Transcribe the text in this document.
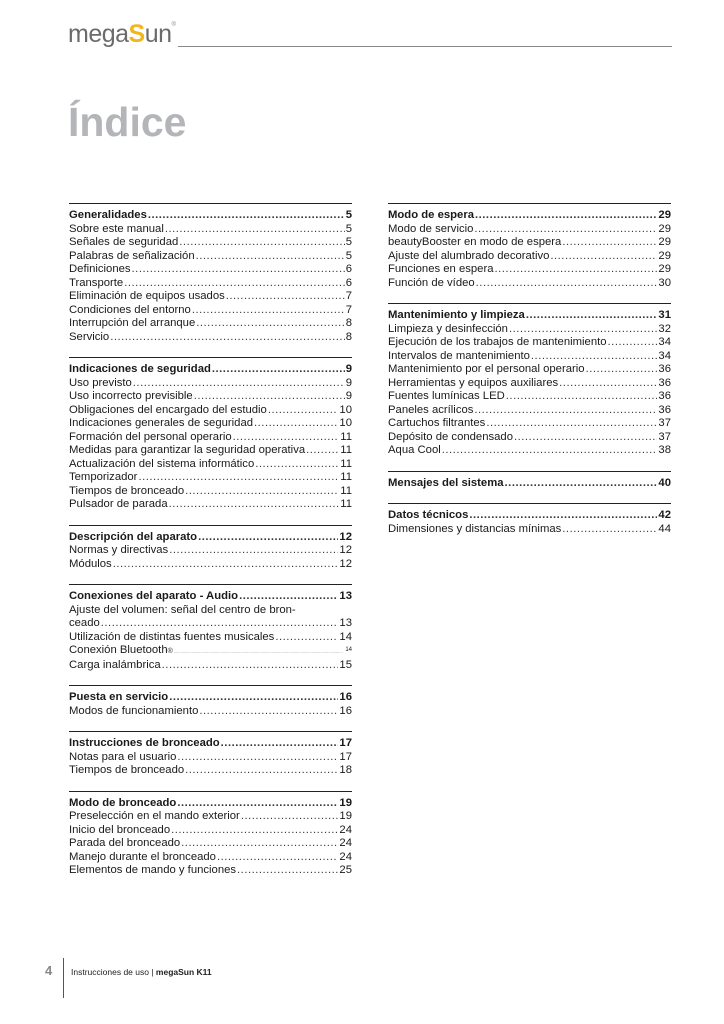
megaSun®
Índice
Generalidades .....	5
Sobre este manual .....	5
Señales de seguridad .....	5
Palabras de señalización .....	5
Definiciones .....	6
Transporte .....	6
Eliminación de equipos usados .....	7
Condiciones del entorno .....	7
Interrupción del arranque .....	8
Servicio .....	8
Indicaciones de seguridad .....	9
Uso previsto .....	9
Uso incorrecto previsible .....	9
Obligaciones del encargado del estudio .....	10
Indicaciones generales de seguridad .....	10
Formación del personal operario .....	11
Medidas para garantizar la seguridad operativa .....	11
Actualización del sistema informático .....	11
Temporizador .....	11
Tiempos de bronceado .....	11
Pulsador de parada .....	11
Descripción del aparato .....	12
Normas y directivas .....	12
Módulos .....	12
Conexiones del aparato - Audio .....	13
Ajuste del volumen: señal del centro de bron-
ceado .....	13
Utilización de distintas fuentes musicales .....	14
Conexión Bluetooth ® .....	14
Carga inalámbrica .....	15
Puesta en servicio .....	16
Modos de funcionamiento .....	16
Instrucciones de bronceado .....	17
Notas para el usuario .....	17
Tiempos de bronceado .....	18
Modo de bronceado .....	19
Preselección en el mando exterior .....	19
Inicio del bronceado .....	24
Parada del bronceado .....	24
Manejo durante el bronceado .....	24
Elementos de mando y funciones .....	25
Modo de espera .....	29
Modo de servicio .....	29
beautyBooster en modo de espera .....	29
Ajuste del alumbrado decorativo .....	29
Funciones en espera .....	29
Función de vídeo .....	30
Mantenimiento y limpieza .....	31
Limpieza y desinfección .....	32
Ejecución de los trabajos de mantenimiento .....	34
Intervalos de mantenimiento .....	34
Mantenimiento por el personal operario .....	36
Herramientas y equipos auxiliares .....	36
Fuentes lumínicas LED .....	36
Paneles acrílicos .....	36
Cartuchos filtrantes .....	37
Depósito de condensado .....	37
Aqua Cool .....	38
Mensajes del sistema .....	40
Datos técnicos .....	42
Dimensiones y distancias mínimas .....	44
4 Instrucciones de uso | megaSun K11
